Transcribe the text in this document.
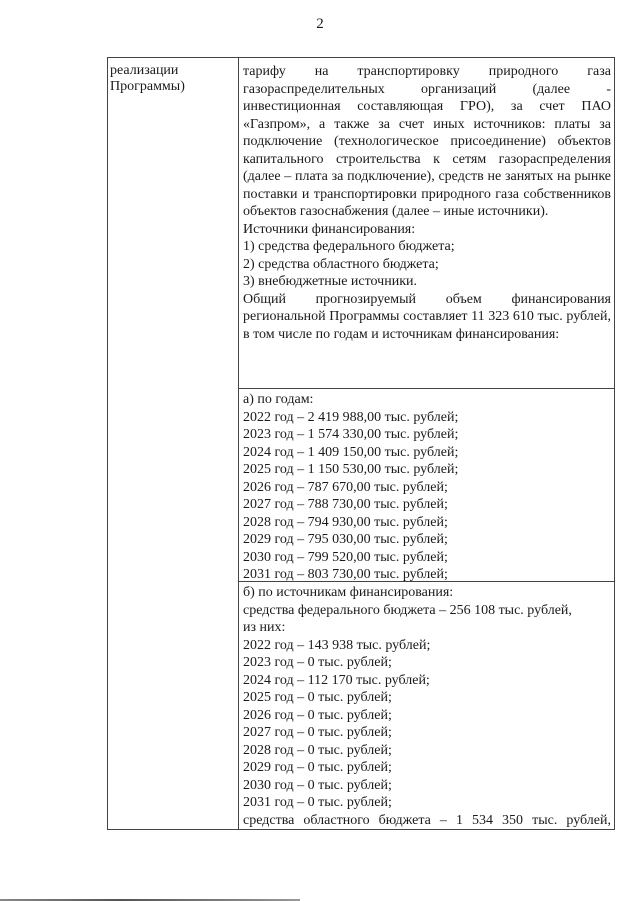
2
реализации Программы)

тарифу на транспортировку природного газа газораспределительных организаций (далее - инвестиционная составляющая ГРО), за счет ПАО «Газпром», а также за счет иных источников: платы за подключение (технологическое присоединение) объектов капитального строительства к сетям газораспределения (далее – плата за подключение), средств не занятых на рынке поставки и транспортировки природного газа собственников объектов газоснабжения (далее – иные источники).

Источники финансирования:

1) средства федерального бюджета;

2) средства областного бюджета;

3) внебюджетные источники.

Общий прогнозируемый объем финансирования региональной Программы составляет 11 323 610 тыс. рублей, в том числе по годам и источникам финансирования:

а) по годам:

2022 год – 2 419 988,00 тыс. рублей;

2023 год – 1 574 330,00 тыс. рублей;

2024 год – 1 409 150,00 тыс. рублей;

2025 год – 1 150 530,00 тыс. рублей;

2026 год – 787 670,00 тыс. рублей;

2027 год – 788 730,00 тыс. рублей;

2028 год – 794 930,00 тыс. рублей;

2029 год – 795 030,00 тыс. рублей;

2030 год – 799 520,00 тыс. рублей;

2031 год – 803 730,00 тыс. рублей;

б) по источникам финансирования:

средства федерального бюджета – 256 108 тыс. рублей,

из них:

2022 год – 143 938 тыс. рублей;

2023 год – 0 тыс. рублей;

2024 год – 112 170 тыс. рублей;

2025 год – 0 тыс. рублей;

2026 год – 0 тыс. рублей;

2027 год – 0 тыс. рублей;

2028 год – 0 тыс. рублей;

2029 год – 0 тыс. рублей;

2030 год – 0 тыс. рублей;

2031 год – 0 тыс. рублей;

средства областного бюджета – 1 534 350 тыс. рублей,
